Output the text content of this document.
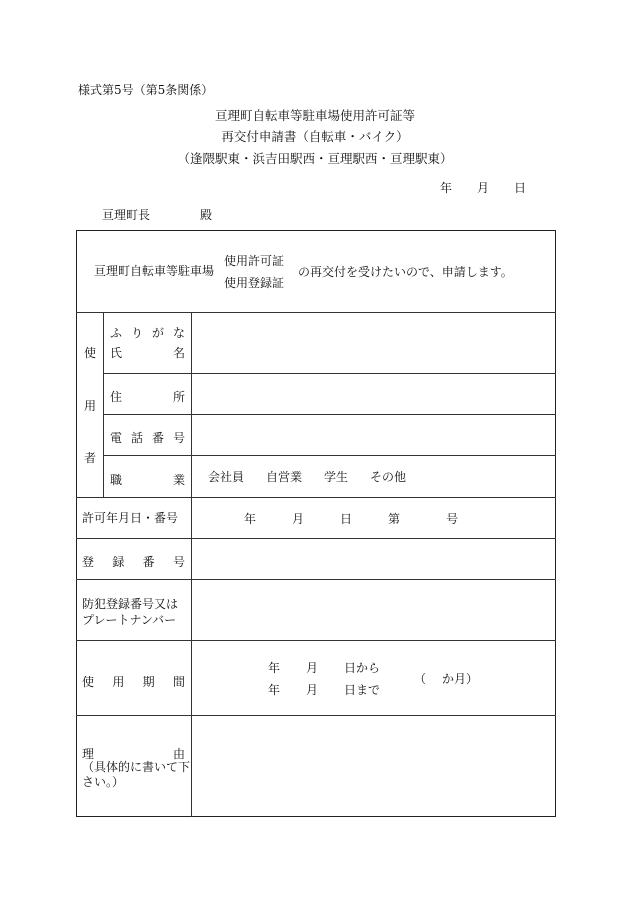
様式第5号（第5条関係）
亘理町自転車等駐車場使用許可証等
再交付申請書（自転車・バイク）
（逢隈駅東・浜吉田駅西・亘理駅西・亘理駅東）
年 月 日
亘理町長	殿
亘理町自転車等駐車場
使用許可証
使用登録証
の再交付を受けたいので、申請します。
使
用
者
ふ り が な
氏	名
住	所
電 話 番 号
職	業 会社員 自営業 学生 その他
許可年月日・番号	年	月	日	第	号
登 録 番 号
防犯登録番号又は
プレートナンバー
使 用 期 間
年 月 日から
年 月 日まで
（ か月）
理	由
（具体的に書いて下さい。）
